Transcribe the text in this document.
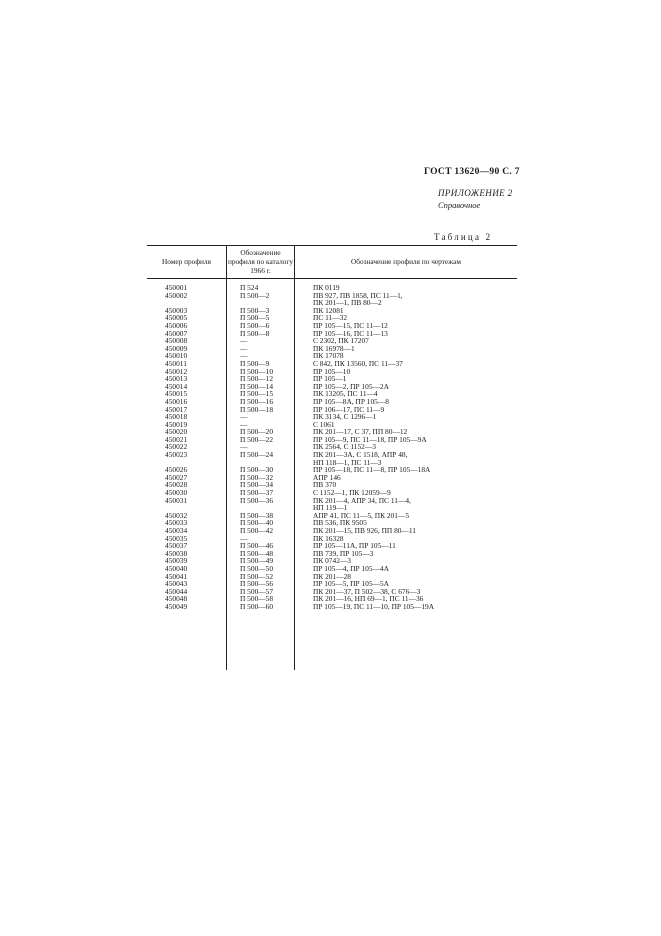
ГОСТ 13620—90 С. 7
ПРИЛОЖЕНИЕ 2
Справочное
Таблица 2
Номер профиля
Обозначение профиля по каталогу 1966 г.
Обозначение профиля по чертежам
450001	П 524	ПК 0119
450002	П 500—2	ПВ 927, ПВ 1858, ПС 11—1,
ПК 201—1, ПВ 80—2
450003	П 500—3	ПК 12081
450005	П 500—5	ПС 11—32
450006	П 500—6	ПР 105—15, ПС 11—12
450007	П 500—8	ПР 105—16, ПС 11—13
450008	—	С 2302, ПК 17207
450009	—	ПК 16978—1
450010	—	ПК 17078
450011	П 500—9	С 842, ПК 13560, ПС 11—37
450012	П 500—10	ПР 105—10
450013	П 500—12	ПР 105—1
450014	П 500—14	ПР 105—2, ПР 105—2А
450015	П 500—15	ПК 13205, ПС 11—4
450016	П 500—16	ПР 105—8А, ПР 105—8
450017	П 500—18	ПР 106—17, ПС 11—9
450018	—	ПК 3134, С 1296—1
450019	—	С 1061
450020	П 500—20	ПК 201—17, С 37, ПП 80—12
450021	П 500—22	ПР 105—9, ПС 11—18, ПР 105—9А
450022	—	ПК 2564, С 1152—3
450023	П 500—24	ПК 201—3А, С 1518, АПР 48,
НП 118—1, ПС 11—3
450026	П 500—30	ПР 105—18, ПС 11—8, ПР 105—18А
450027	П 500—32	АПР 146
450028	П 500—34	ПВ 370
450030	П 500—37	С 1152—1, ПК 12059—9
450031	П 500—36	ПК 201—4, АПР 34, ПС 11—4,
НП 119—1
450032	П 500—38	АПР 41, ПС 11—5, ПК 201—5
450033	П 500—40	ПВ 536, ПК 9505
450034	П 500—42	ПК 201—15, ПВ 926, ПП 80—11
450035	—	ПК 16328
450037	П 500—46	ПР 105—11А, ПР 105—11
450038	П 500—48	ПВ 739, ПР 105—3
450039	П 500—49	ПК 0742—3
450040	П 500—50	ПР 105—4, ПР 105—4А
450041	П 500—52	ПК 201—28
450043	П 500—56	ПР 105—5, ПР 105—5А
450044	П 500—57	ПК 201—37, П 502—38, С 676—3
450048	П 500—58	ПК 201—16, НП 69—1, ПС 11—36
450049	П 500—60	ПР 105—19, ПС 11—10, ПР 105—19А
